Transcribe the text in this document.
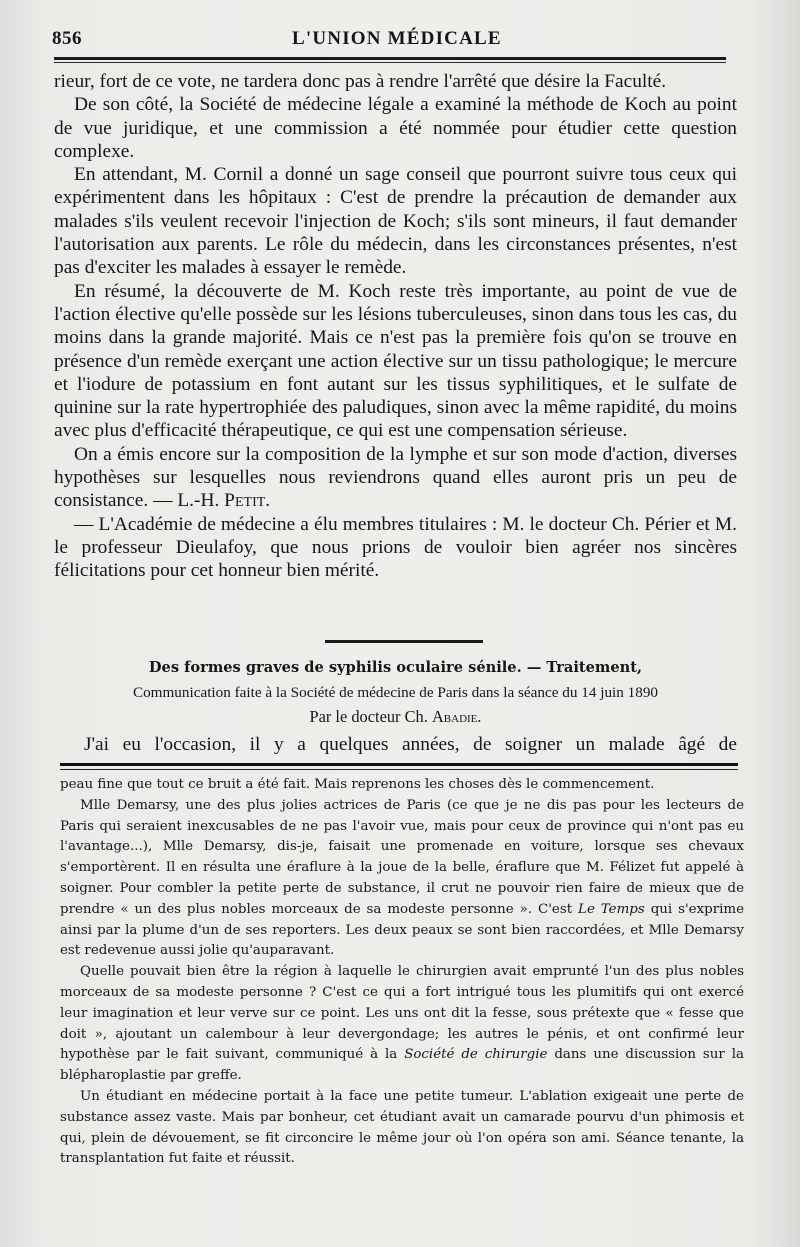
856	L'UNION MÉDICALE

rieur, fort de ce vote, ne tardera donc pas à rendre l'arrêté que désire la Faculté.

De son côté, la Société de médecine légale a examiné la méthode de Koch au point de vue juridique, et une commission a été nommée pour étudier cette question complexe.

En attendant, M. Cornil a donné un sage conseil que pourront suivre tous ceux qui expérimentent dans les hôpitaux : C'est de prendre la précaution de demander aux malades s'ils veulent recevoir l'injection de Koch; s'ils sont mineurs, il faut demander l'autorisation aux parents. Le rôle du médecin, dans les circonstances présentes, n'est pas d'exciter les malades à essayer le remède.

En résumé, la découverte de M. Koch reste très importante, au point de vue de l'action élective qu'elle possède sur les lésions tuberculeuses, sinon dans tous les cas, du moins dans la grande majorité. Mais ce n'est pas la première fois qu'on se trouve en présence d'un remède exerçant une action élective sur un tissu pathologique; le mercure et l'iodure de potassium en font autant sur les tissus syphilitiques, et le sulfate de quinine sur la rate hypertrophiée des paludiques, sinon avec la même rapidité, du moins avec plus d'efficacité thérapeutique, ce qui est une compensation sérieuse.

On a émis encore sur la composition de la lymphe et sur son mode d'action, diverses hypothèses sur lesquelles nous reviendrons quand elles auront pris un peu de consistance. — L.-H. Petit.

— L'Académie de médecine a élu membres titulaires : M. le docteur Ch. Périer et M. le professeur Dieulafoy, que nous prions de vouloir bien agréer nos sincères félicitations pour cet honneur bien mérité.

Des formes graves de syphilis oculaire sénile. — Traitement,
Communication faite à la Société de médecine de Paris dans la séance du 14 juin 1890
Par le docteur Ch. Abadie.
J'ai eu l'occasion, il y a quelques années, de soigner un malade âgé de

peau fine que tout ce bruit a été fait. Mais reprenons les choses dès le commencement.

Mlle Demarsy, une des plus jolies actrices de Paris (ce que je ne dis pas pour les lecteurs de Paris qui seraient inexcusables de ne pas l'avoir vue, mais pour ceux de province qui n'ont pas eu l'avantage...), Mlle Demarsy, dis-je, faisait une promenade en voiture, lorsque ses chevaux s'emportèrent. Il en résulta une éraflure à la joue de la belle, éraflure que M. Félizet fut appelé à soigner. Pour combler la petite perte de substance, il crut ne pouvoir rien faire de mieux que de prendre « un des plus nobles morceaux de sa modeste personne ». C'est Le Temps qui s'exprime ainsi par la plume d'un de ses reporters. Les deux peaux se sont bien raccordées, et Mlle Demarsy est redevenue aussi jolie qu'auparavant.

Quelle pouvait bien être la région à laquelle le chirurgien avait emprunté l'un des plus nobles morceaux de sa modeste personne ? C'est ce qui a fort intrigué tous les plumitifs qui ont exercé leur imagination et leur verve sur ce point. Les uns ont dit la fesse, sous prétexte que « fesse que doit », ajoutant un calembour à leur devergondage; les autres le pénis, et ont confirmé leur hypothèse par le fait suivant, communiqué à la Société de chirurgie dans une discussion sur la blépharoplastie par greffe.

Un étudiant en médecine portait à la face une petite tumeur. L'ablation exigeait une perte de substance assez vaste. Mais par bonheur, cet étudiant avait un camarade pourvu d'un phimosis et qui, plein de dévouement, se fit circoncire le même jour où l'on opéra son ami. Séance tenante, la transplantation fut faite et réussit.
